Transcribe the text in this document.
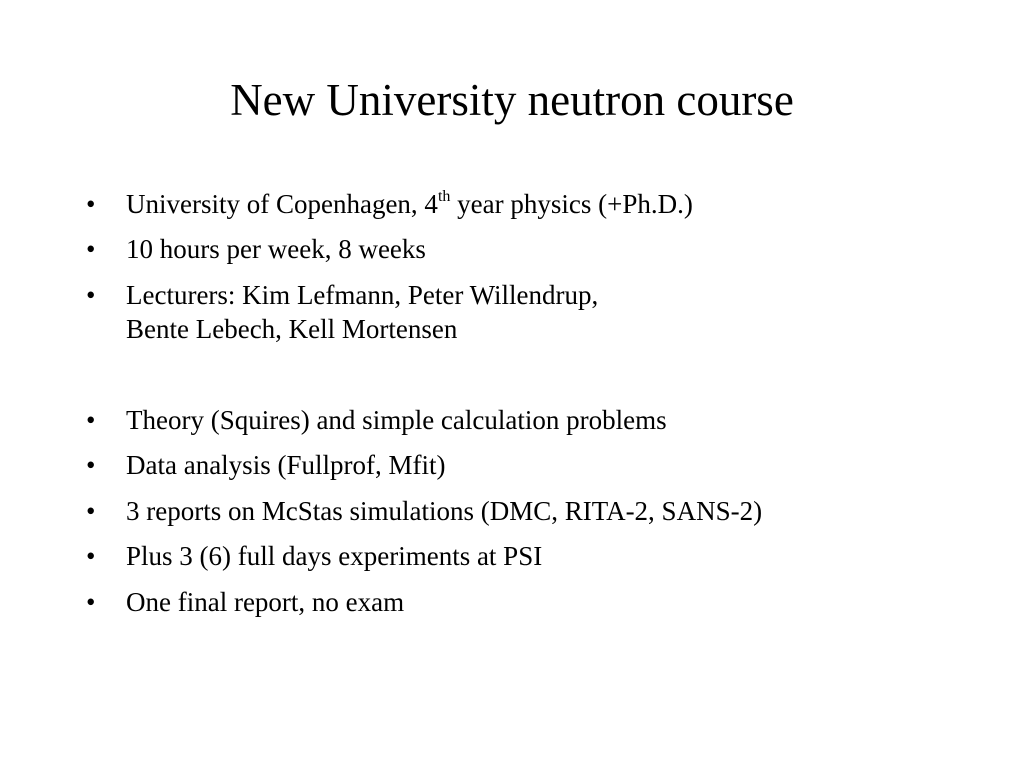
New University neutron course
•	University of Copenhagen, 4th year physics (+Ph.D.)
•	10 hours per week, 8 weeks
•	Lecturers: Kim Lefmann, Peter Willendrup,
Bente Lebech, Kell Mortensen
•	Theory (Squires) and simple calculation problems
•	Data analysis (Fullprof, Mfit)
•	3 reports on McStas simulations (DMC, RITA-2, SANS-2)
•	Plus 3 (6) full days experiments at PSI
•	One final report, no exam
